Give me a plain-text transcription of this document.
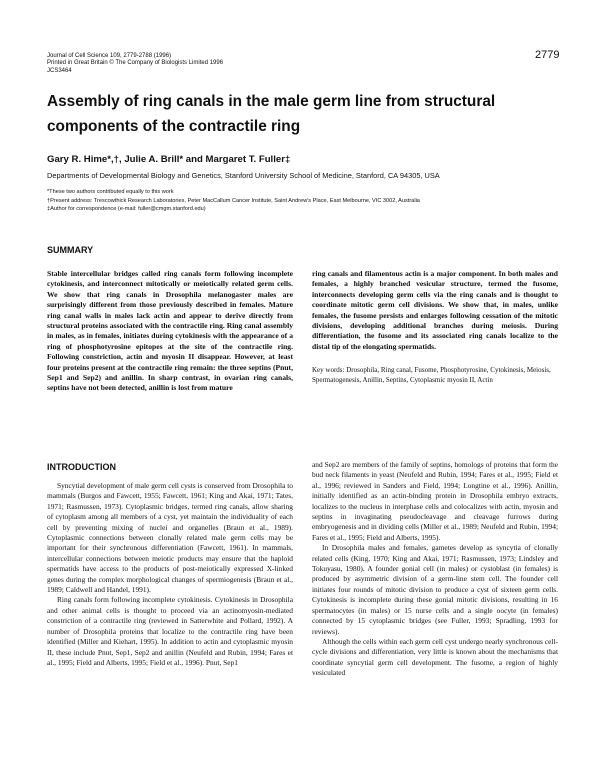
Journal of Cell Science 109, 2779-2788 (1996)
Printed in Great Britain © The Company of Biologists Limited 1996
JCS3464
2779
Assembly of ring canals in the male germ line from structural components of the contractile ring
Gary R. Hime*,†, Julie A. Brill* and Margaret T. Fuller‡
Departments of Developmental Biology and Genetics, Stanford University School of Medicine, Stanford, CA 94305, USA
*These two authors contributed equally to this work
†Present address: Trescowthick Research Laboratories, Peter MacCallum Cancer Institute, Saint Andrew's Place, East Melbourne, VIC 3002, Australia
‡Author for correspondence (e-mail: fuller@cmgm.stanford.edu)
SUMMARY

Stable intercellular bridges called ring canals form following incomplete cytokinesis, and interconnect mitotically or meiotically related germ cells. We show that ring canals in Drosophila melanogaster males are surprisingly different from those previously described in females. Mature ring canal walls in males lack actin and appear to derive directly from structural proteins associated with the contractile ring. Ring canal assembly in males, as in females, initiates during cytokinesis with the appearance of a ring of phosphotyrosine epitopes at the site of the contractile ring. Following constriction, actin and myosin II disappear. However, at least four proteins present at the contractile ring remain: the three septins (Pnut, Sep1 and Sep2) and anillin. In sharp contrast, in ovarian ring canals, septins have not been detected, anillin is lost from mature

ring canals and filamentous actin is a major component. In both males and females, a highly branched vesicular structure, termed the fusome, interconnects developing germ cells via the ring canals and is thought to coordinate mitotic germ cell divisions. We show that, in males, unlike females, the fusome persists and enlarges following cessation of the mitotic divisions, developing additional branches during meiosis. During differentiation, the fusome and its associated ring canals localize to the distal tip of the elongating spermatids.

Key words: Drosophila, Ring canal, Fusome, Phosphotyrosine, Cytokinesis, Meiosis, Spermatogenesis, Anillin, Septins, Cytoplasmic myosin II, Actin

INTRODUCTION

Syncytial development of male germ cell cysts is conserved from Drosophila to mammals (Burgos and Fawcett, 1955; Fawcett, 1961; King and Akai, 1971; Tates, 1971; Rasmussen, 1973). Cytoplasmic bridges, termed ring canals, allow sharing of cytoplasm among all members of a cyst, yet maintain the individuality of each cell by preventing mixing of nuclei and organelles (Braun et al., 1989). Cytoplasmic connections between clonally related male germ cells may be important for their synchronous differentiation (Fawcett, 1961). In mammals, intercellular connections between meiotic products may ensure that the haploid spermatids have access to the products of post-meiotically expressed X-linked genes during the complex morphological changes of spermiogenesis (Braun et al., 1989; Caldwell and Handel, 1991).

Ring canals form following incomplete cytokinesis. Cytokinesis in Drosophila and other animal cells is thought to proceed via an actinomyosin-mediated constriction of a contractile ring (reviewed in Satterwhite and Pollard, 1992). A number of Drosophila proteins that localize to the contractile ring have been identified (Miller and Kiehart, 1995). In addition to actin and cytoplasmic myosin II, these include Pnut, Sep1, Sep2 and anillin (Neufeld and Rubin, 1994; Fares et al., 1995; Field and Alberts, 1995; Field et al., 1996). Pnut, Sep1

and Sep2 are members of the family of septins, homologs of proteins that form the bud neck filaments in yeast (Neufeld and Rubin, 1994; Fares et al., 1995; Field et al., 1996; reviewed in Sanders and Field, 1994; Longtine et al., 1996). Anillin, initially identified as an actin-binding protein in Drosophila embryo extracts, localizes to the nucleus in interphase cells and colocalizes with actin, myosin and septins in invaginating pseudocleavage and cleavage furrows during embryogenesis and in dividing cells (Miller et al., 1989; Neufeld and Rubin, 1994; Fares et al., 1995; Field and Alberts, 1995).

In Drosophila males and females, gametes develop as syncytia of clonally related cells (King, 1970; King and Akai, 1971; Rasmussen, 1973; Lindsley and Tokuyasu, 1980). A founder gonial cell (in males) or cystoblast (in females) is produced by asymmetric division of a germ-line stem cell. The founder cell initiates four rounds of mitotic division to produce a cyst of sixteen germ cells. Cytokinesis is incomplete during these gonial mitotic divisions, resulting in 16 spermatocytes (in males) or 15 nurse cells and a single oocyte (in females) connected by 15 cytoplasmic bridges (see Fuller, 1993; Spradling, 1993 for reviews).

Although the cells within each germ cell cyst undergo nearly synchronous cell-cycle divisions and differentiation, very little is known about the mechanisms that coordinate syncytial germ cell development. The fusome, a region of highly vesiculated
